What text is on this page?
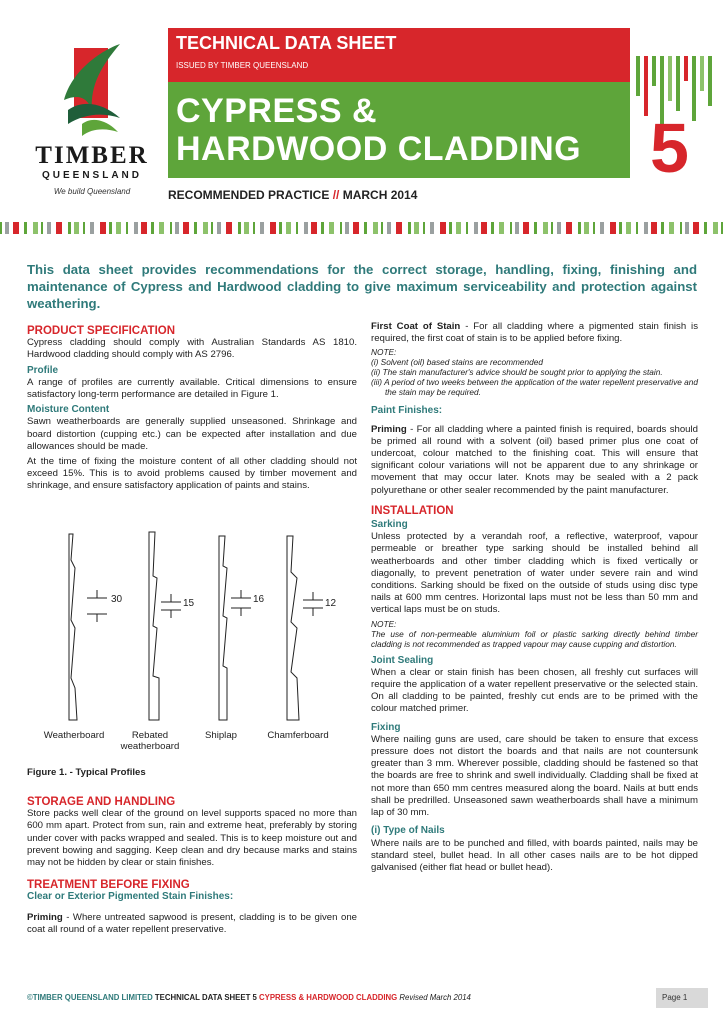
TIMBER
QUEENSLAND
We build Queensland
TECHNICAL DATA SHEET
ISSUED BY TIMBER QUEENSLAND
CYPRESS &
HARDWOOD CLADDING 5
RECOMMENDED PRACTICE // MARCH 2014
This data sheet provides recommendations for the correct storage, handling, fixing, finishing and maintenance of Cypress and Hardwood cladding to give maximum serviceability and protection against weathering.
PRODUCT SPECIFICATION
Cypress cladding should comply with Australian Standards AS 1810. Hardwood cladding should comply with AS 2796.
Profile
A range of profiles are currently available. Critical dimensions to ensure satisfactory long-term performance are detailed in Figure 1.
Moisture Content
Sawn weatherboards are generally supplied unseasoned. Shrinkage and board distortion (cupping etc.) can be expected after installation and due allowances should be made.
At the time of fixing the moisture content of all other cladding should not exceed 15%. This is to avoid problems caused by timber movement and shrinkage, and ensure satisfactory application of paints and stains.
30	15	16	12
Weatherboard	Rebated weatherboard
Shiplap	Chamferboard
Figure 1. - Typical Profiles
STORAGE AND HANDLING
Store packs well clear of the ground on level supports spaced no more than 600 mm apart. Protect from sun, rain and extreme heat, preferably by storing under cover with packs wrapped and sealed. This is to keep moisture out and prevent bowing and sagging. Keep clean and dry because marks and stains may not be hidden by clear or stain finishes.
TREATMENT BEFORE FIXING
Clear or Exterior Pigmented Stain Finishes:
Priming - Where untreated sapwood is present, cladding is to be given one coat all round of a water repellent preservative.
First Coat of Stain - For all cladding where a pigmented stain finish is required, the first coat of stain is to be applied before fixing.
NOTE:
(i) Solvent (oil) based stains are recommended
(ii) The stain manufacturer's advice should be sought prior to applying the stain.
(iii) A period of two weeks between the application of the water repellent preservative and the stain may be required.
Paint Finishes:
Priming - For all cladding where a painted finish is required, boards should be primed all round with a solvent (oil) based primer plus one coat of undercoat, colour matched to the finishing coat. This will ensure that significant colour variations will not be apparent due to any shrinkage or movement that may occur later. Knots may be sealed with a 2 pack polyurethane or other sealer recommended by the paint manufacturer.
INSTALLATION
Sarking
Unless protected by a verandah roof, a reflective, waterproof, vapour permeable or breather type sarking should be installed behind all weatherboards and other timber cladding which is fixed vertically or diagonally, to prevent penetration of water under severe rain and wind conditions. Sarking should be fixed on the outside of studs using disc type nails at 600 mm centres. Horizontal laps must not be less than 50 mm and vertical laps must be on studs.
NOTE:
The use of non-permeable aluminium foil or plastic sarking directly behind timber cladding is not recommended as trapped vapour may cause cupping and distortion.
Joint Sealing
When a clear or stain finish has been chosen, all freshly cut surfaces will require the application of a water repellent preservative or the selected stain. On all cladding to be painted, freshly cut ends are to be primed with the colour matched primer.
Fixing
Where nailing guns are used, care should be taken to ensure that excess pressure does not distort the boards and that nails are not countersunk greater than 3 mm. Wherever possible, cladding should be fastened so that the boards are free to shrink and swell individually. Cladding shall be fixed at not more than 650 mm centres measured along the board. Nails at butt ends shall be predrilled. Unseasoned sawn weatherboards shall have a minimum lap of 30 mm.
(i) Type of Nails
Where nails are to be punched and filled, with boards painted, nails may be standard steel, bullet head. In all other cases nails are to be hot dipped galvanised (either flat head or bullet head).
©TIMBER QUEENSLAND LIMITED TECHNICAL DATA SHEET 5 CYPRESS & HARDWOOD CLADDING Revised March 2014	Page 1
